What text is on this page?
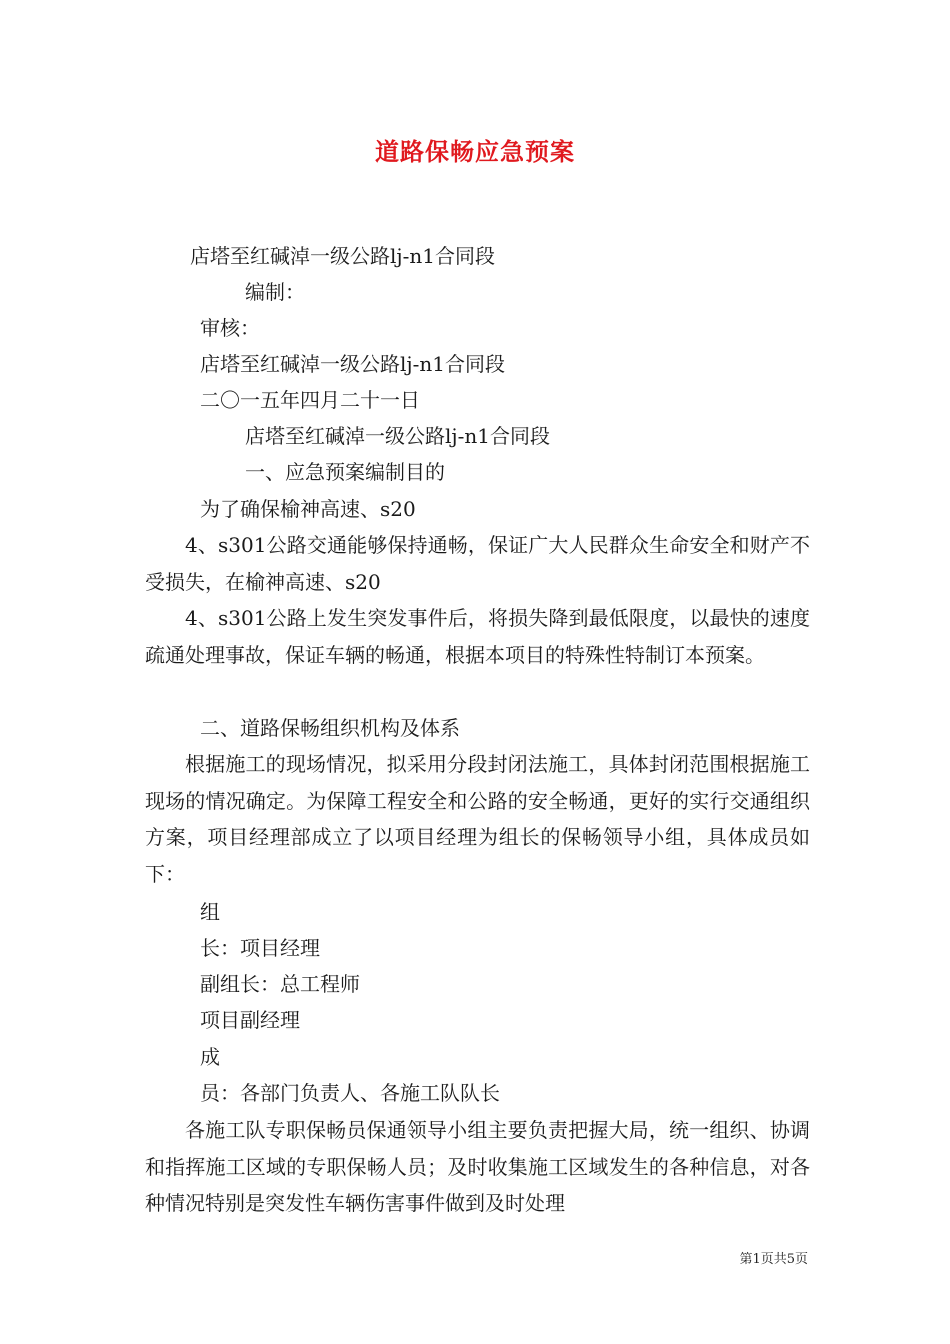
道路保畅应急预案

店塔至红碱淖一级公路lj-n1合同段

编制：

审核：

店塔至红碱淖一级公路lj-n1合同段

二〇一五年四月二十一日

店塔至红碱淖一级公路lj-n1合同段

一、应急预案编制目的

为了确保榆神高速、s20

4、s301公路交通能够保持通畅，保证广大人民群众生命安全和财产不受损失，在榆神高速、s20

4、s301公路上发生突发事件后，将损失降到最低限度，以最快的速度疏通处理事故，保证车辆的畅通，根据本项目的特殊性特制订本预案。

二、道路保畅组织机构及体系

根据施工的现场情况，拟采用分段封闭法施工，具体封闭范围根据施工现场的情况确定。为保障工程安全和公路的安全畅通，更好的实行交通组织方案，项目经理部成立了以项目经理为组长的保畅领导小组，具体成员如下：

组

长：项目经理

副组长：总工程师

项目副经理

成

员：各部门负责人、各施工队队长

各施工队专职保畅员保通领导小组主要负责把握大局，统一组织、协调和指挥施工区域的专职保畅人员；及时收集施工区域发生的各种信息，对各种情况特别是突发性车辆伤害事件做到及时处理

第1页共5页
